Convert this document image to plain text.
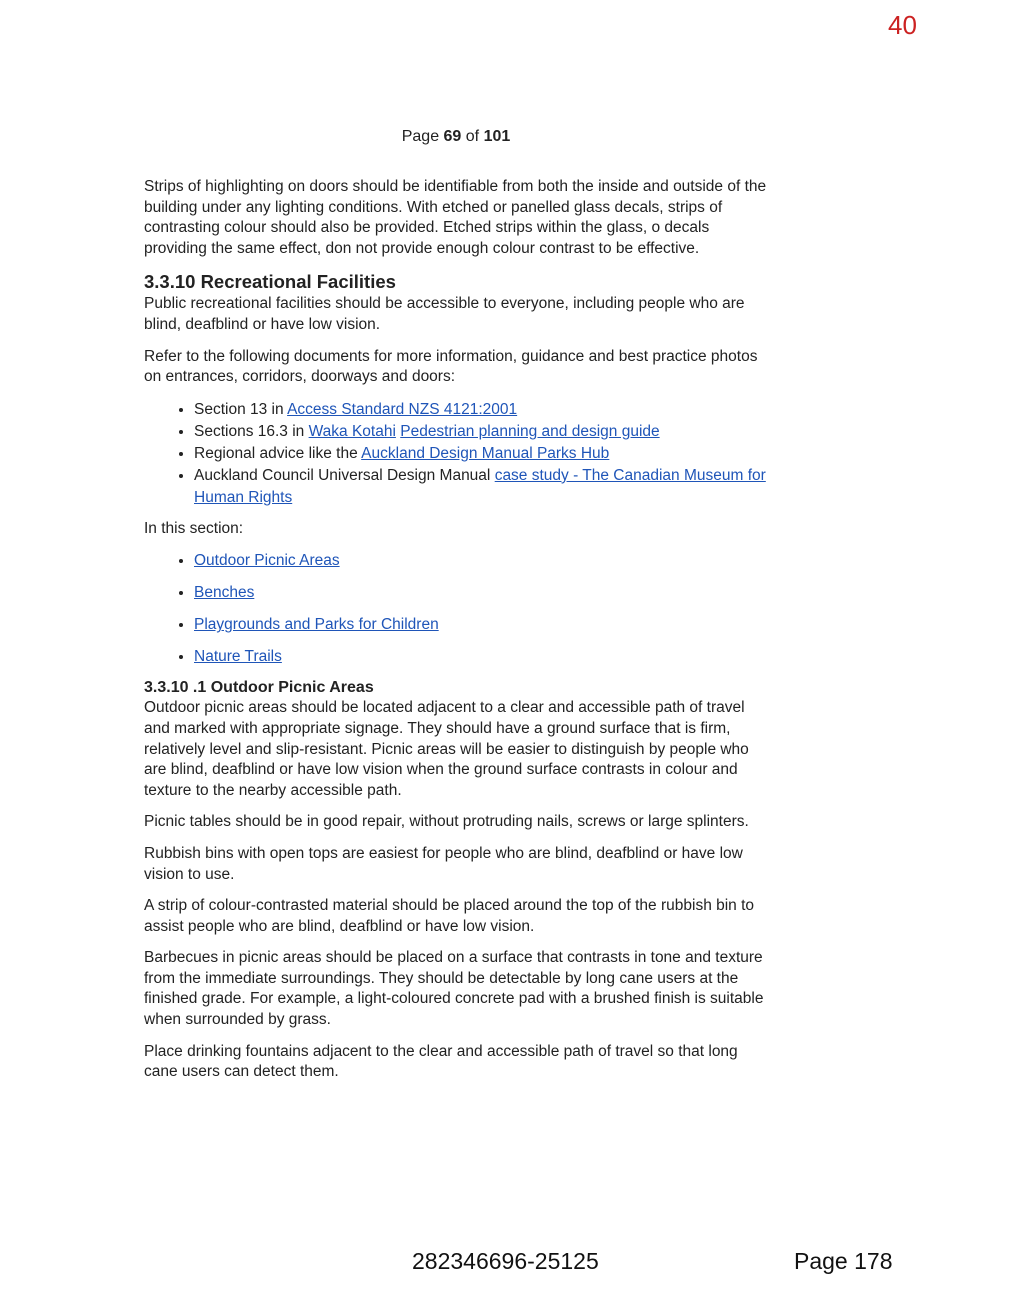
40
Page 69 of 101

Strips of highlighting on doors should be identifiable from both the inside and outside of the building under any lighting conditions. With etched or panelled glass decals, strips of contrasting colour should also be provided. Etched strips within the glass, o decals providing the same effect, don not provide enough colour contrast to be effective.

3.3.10 Recreational Facilities

Public recreational facilities should be accessible to everyone, including people who are blind, deafblind or have low vision.

Refer to the following documents for more information, guidance and best practice photos on entrances, corridors, doorways and doors:

• Section 13 in Access Standard NZS 4121:2001
• Sections 16.3 in Waka Kotahi Pedestrian planning and design guide
• Regional advice like the Auckland Design Manual Parks Hub
• Auckland Council Universal Design Manual case study - The Canadian Museum for Human Rights

In this section:

• Outdoor Picnic Areas
• Benches
• Playgrounds and Parks for Children
• Nature Trails
3.3.10 .1 Outdoor Picnic Areas

Outdoor picnic areas should be located adjacent to a clear and accessible path of travel and marked with appropriate signage. They should have a ground surface that is firm, relatively level and slip-resistant. Picnic areas will be easier to distinguish by people who are blind, deafblind or have low vision when the ground surface contrasts in colour and texture to the nearby accessible path.

Picnic tables should be in good repair, without protruding nails, screws or large splinters.

Rubbish bins with open tops are easiest for people who are blind, deafblind or have low vision to use.

A strip of colour-contrasted material should be placed around the top of the rubbish bin to assist people who are blind, deafblind or have low vision.

Barbecues in picnic areas should be placed on a surface that contrasts in tone and texture from the immediate surroundings. They should be detectable by long cane users at the finished grade. For example, a light-coloured concrete pad with a brushed finish is suitable when surrounded by grass.

Place drinking fountains adjacent to the clear and accessible path of travel so that long cane users can detect them.

282346696-25125	Page 178
